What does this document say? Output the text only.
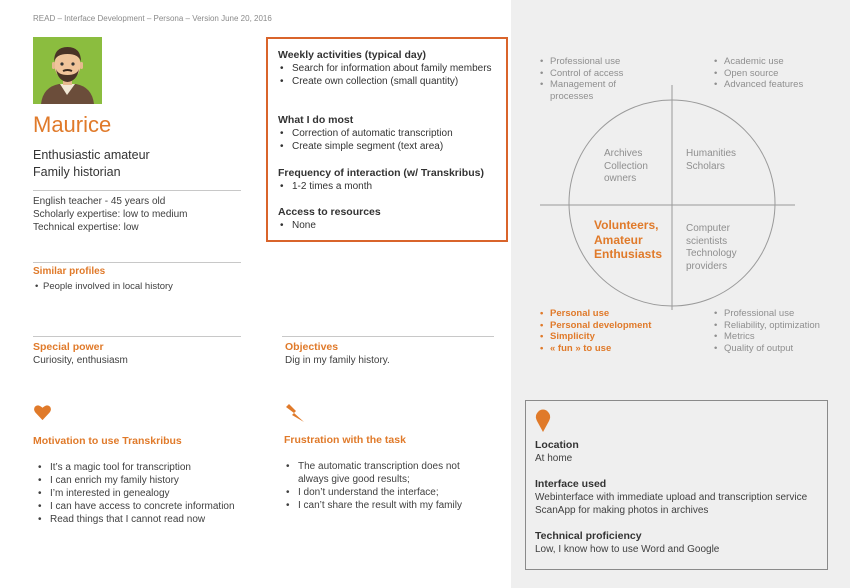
READ – Interface Development – Persona – Version June 20, 2016
Maurice
Enthusiastic amateur
Family historian
English teacher - 45 years old
Scholarly expertise: low to medium
Technical expertise: low
Similar profiles
• People involved in local history
Special power
Curiosity, enthusiasm
Objectives
Dig in my family history.
Motivation to use Transkribus
• It’s a magic tool for transcription
• I can enrich my family history
• I’m interested in genealogy
• I can have access to concrete information
• Read things that I cannot read now
Frustration with the task
• The automatic transcription does not always give good results;
• I don’t understand the interface;
• I can’t share the result with my family
Weekly activities (typical day)
• Search for information about family members
• Create own collection (small quantity)
What I do most
• Correction of automatic transcription
• Create simple segment (text area)
Frequency of interaction (w/ Transkribus)
• 1-2 times a month
Access to resources
• None
• Professional use
• Control of access
• Management of processes
• Academic use
• Open source
• Advanced features
Archives
Collection
owners
Humanities
Scholars
Volunteers,
Amateur
Enthusiasts
Computer
scientists
Technology
providers
• Personal use
• Personal development
• Simplicity
• « fun » to use
• Professional use
• Reliability, optimization
• Metrics
• Quality of output
Location
At home
Interface used
Webinterface with immediate upload and transcription service
ScanApp for making photos in archives
Technical proficiency
Low, I know how to use Word and Google
